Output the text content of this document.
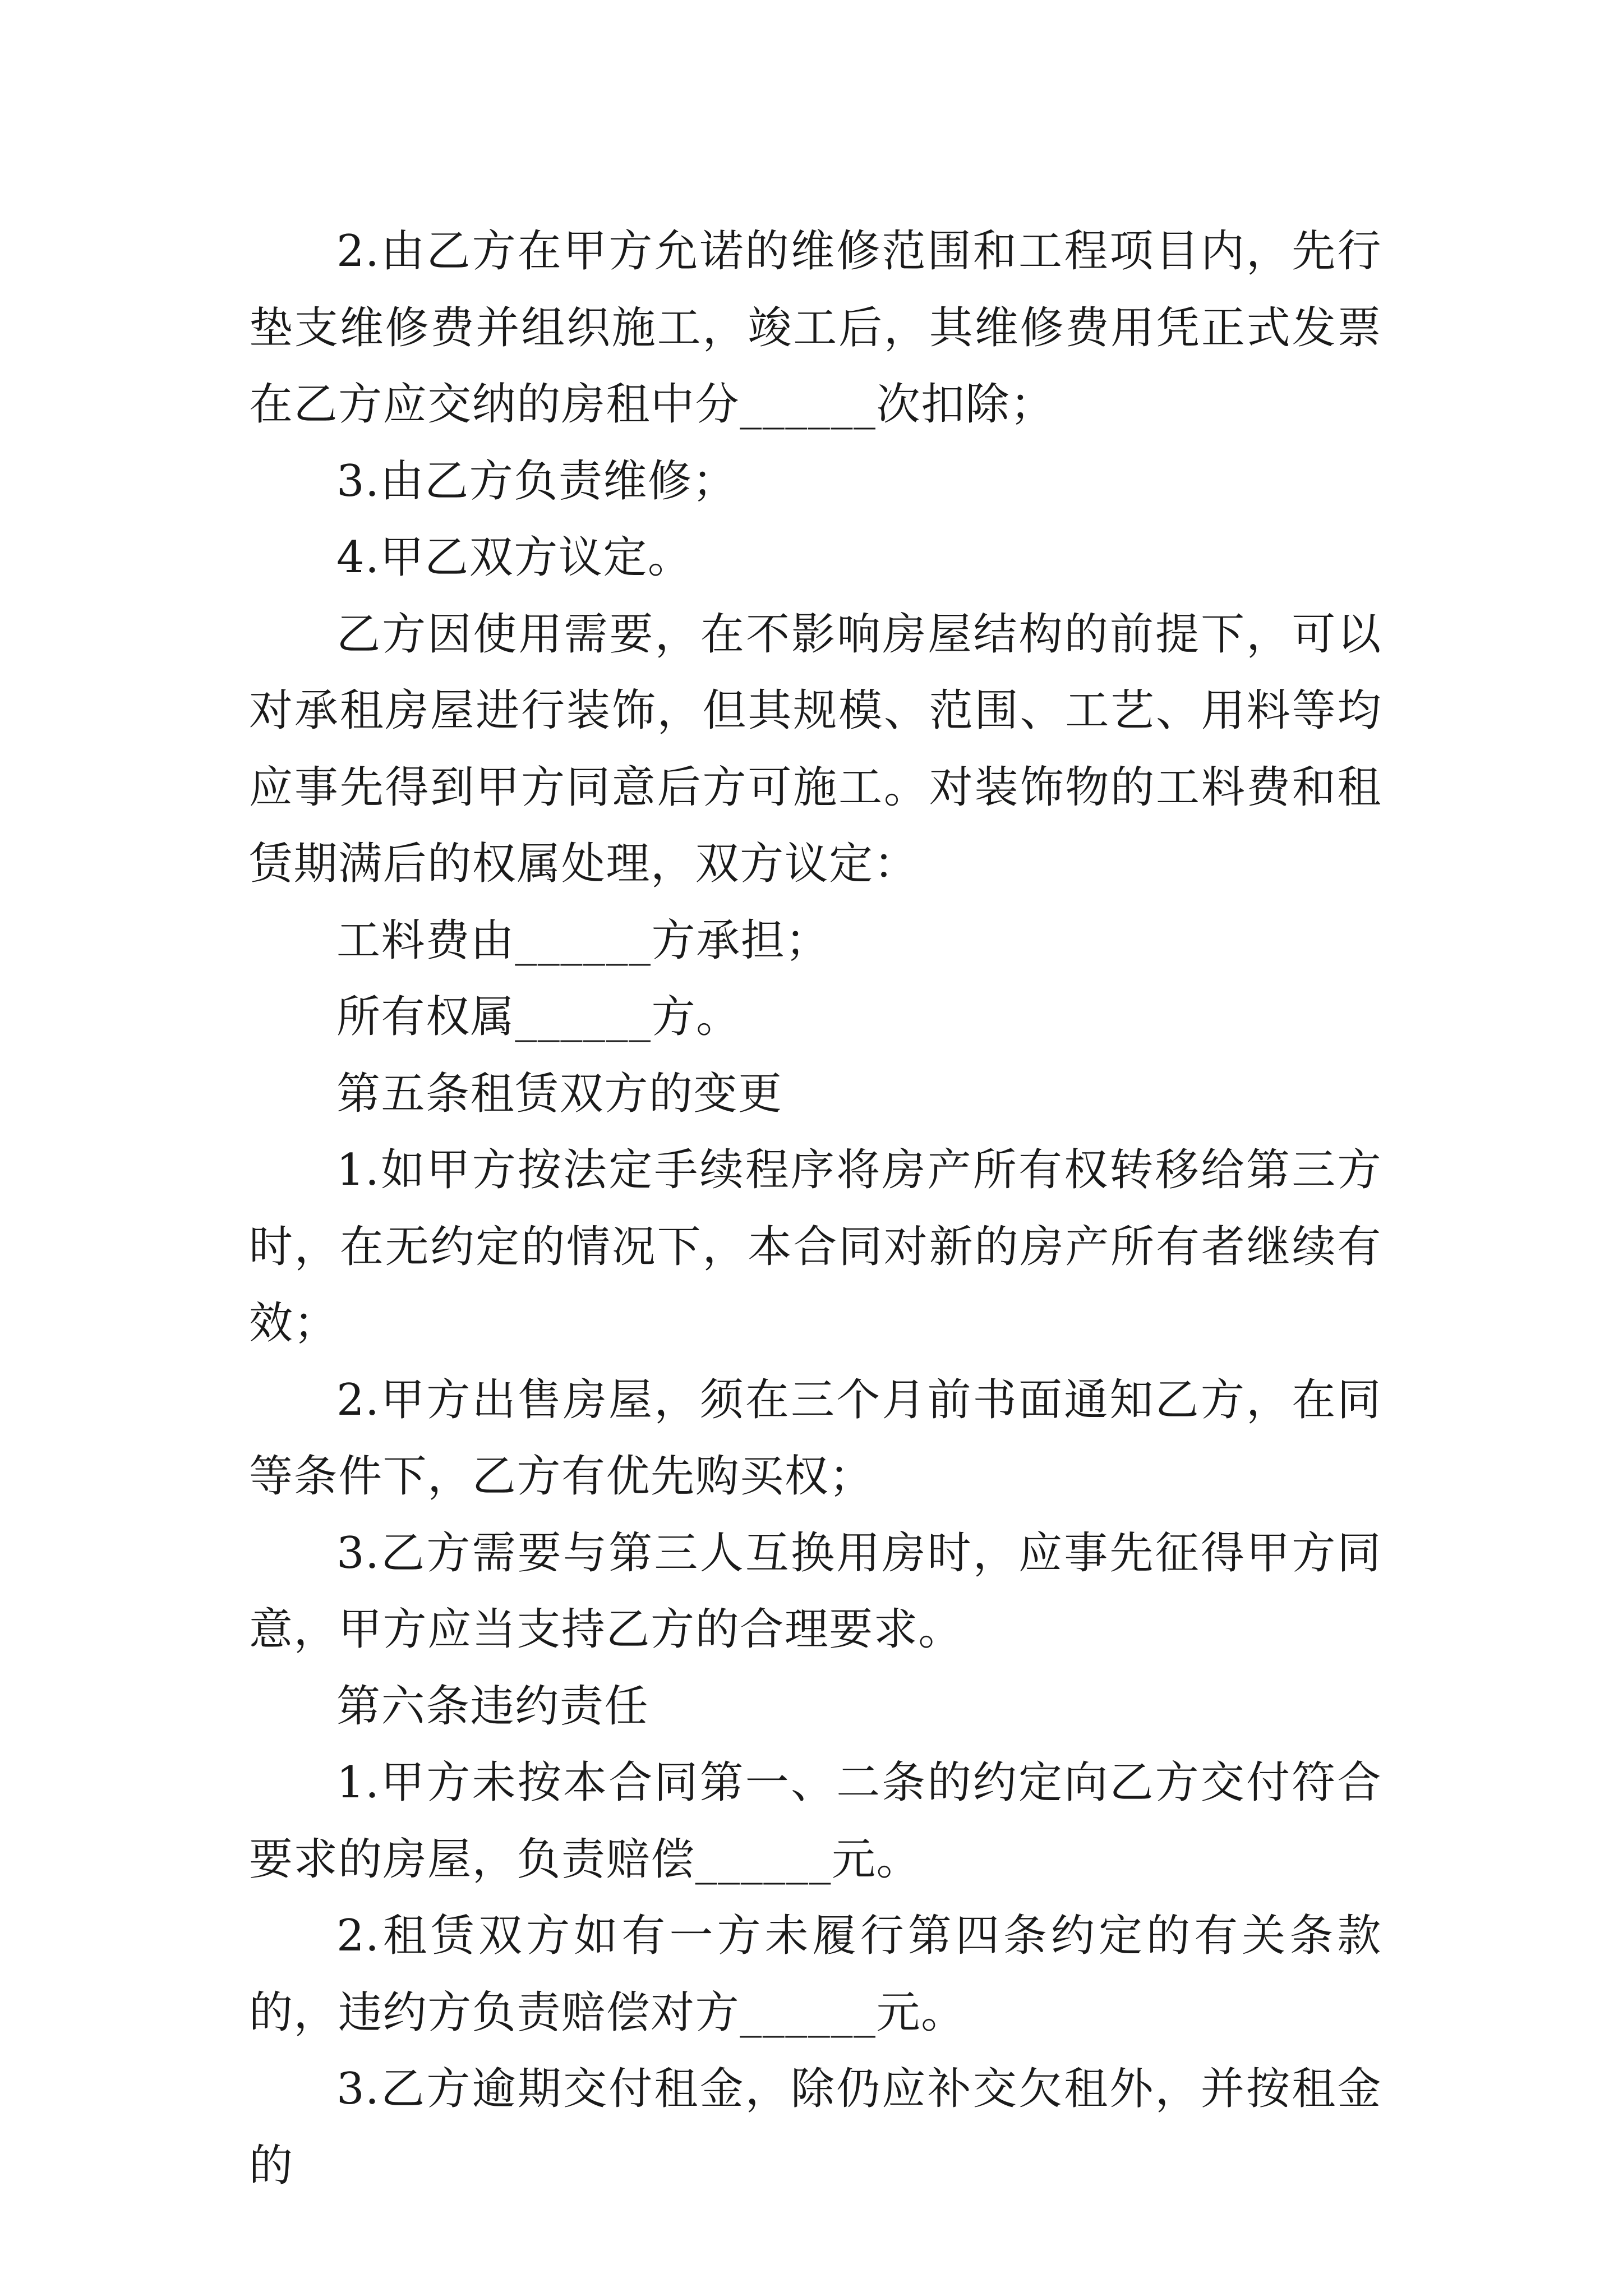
2.由乙方在甲方允诺的维修范围和工程项目内，先行垫支维修费并组织施工，竣工后，其维修费用凭正式发票在乙方应交纳的房租中分______次扣除；

3.由乙方负责维修；

4.甲乙双方议定。

乙方因使用需要，在不影响房屋结构的前提下，可以对承租房屋进行装饰，但其规模、范围、工艺、用料等均应事先得到甲方同意后方可施工。对装饰物的工料费和租赁期满后的权属处理，双方议定：

工料费由______方承担；

所有权属______方。

第五条租赁双方的变更

1.如甲方按法定手续程序将房产所有权转移给第三方时，在无约定的情况下，本合同对新的房产所有者继续有效；

2.甲方出售房屋，须在三个月前书面通知乙方，在同等条件下，乙方有优先购买权；

3.乙方需要与第三人互换用房时，应事先征得甲方同意，甲方应当支持乙方的合理要求。

第六条违约责任

1.甲方未按本合同第一、二条的约定向乙方交付符合要求的房屋，负责赔偿______元。

2.租赁双方如有一方未履行第四条约定的有关条款的，违约方负责赔偿对方______元。

3.乙方逾期交付租金，除仍应补交欠租外，并按租金的
